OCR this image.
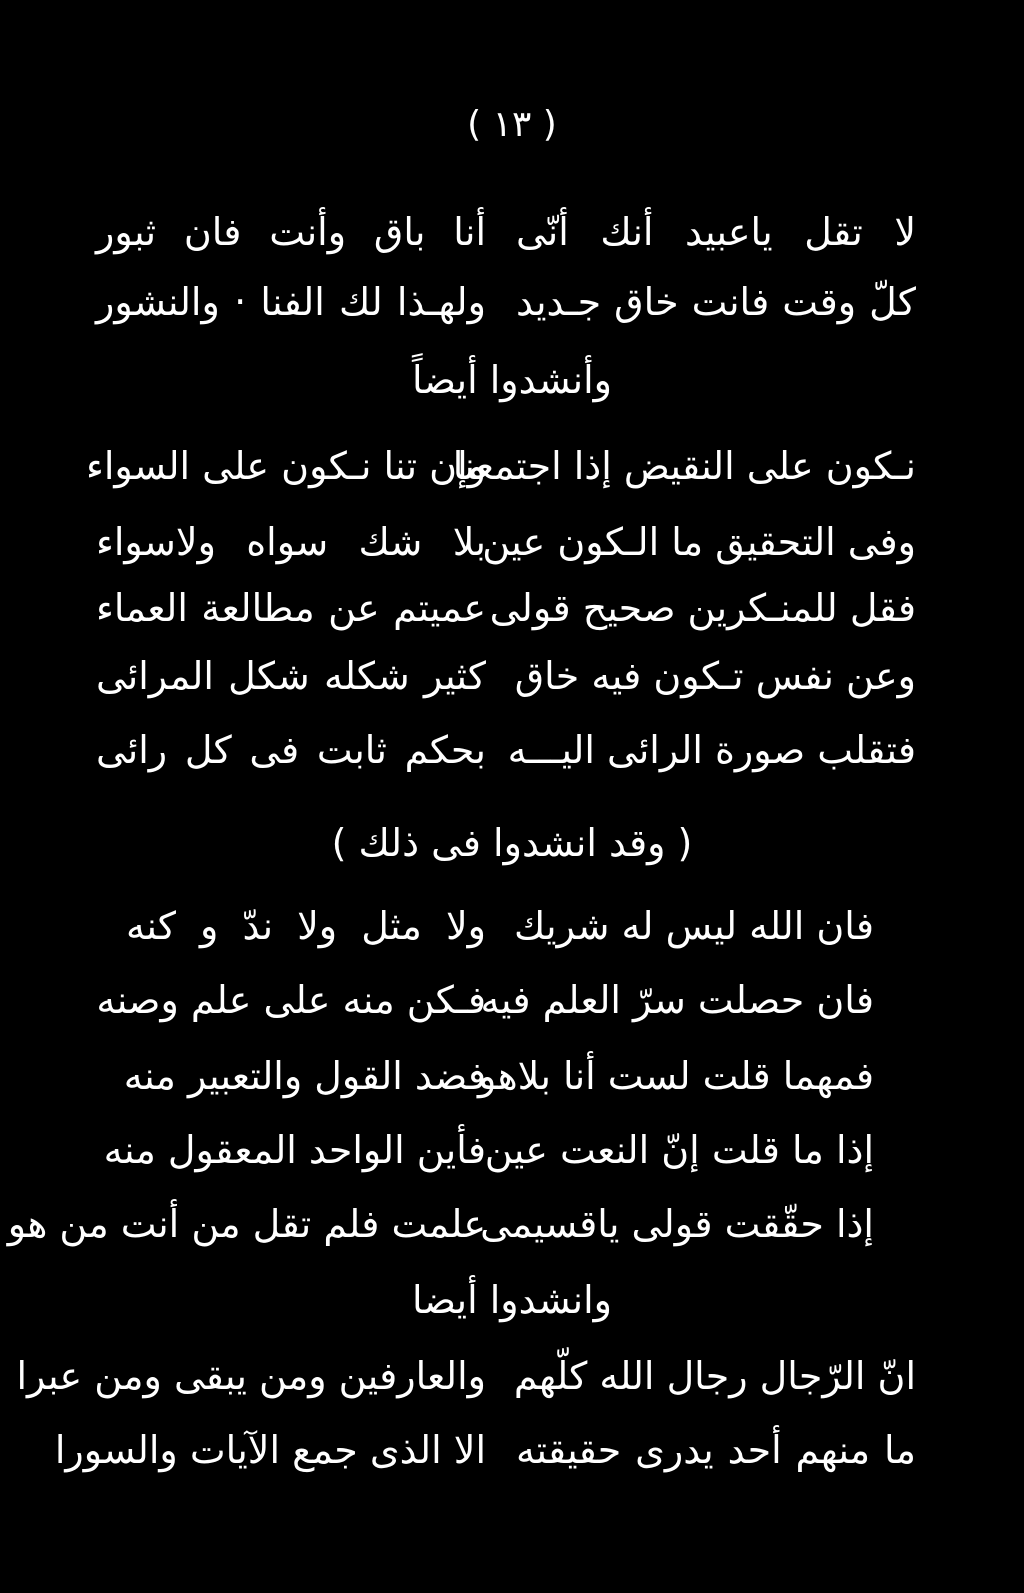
( ١٣ )
لا تقل ياعبيد أنك أنّى
أنا باق وأنت فان ثبور
كلّ وقت فانت خاق جـديد
ولهـذا لك الفنا · والنشور
وأنشدوا أيضاً
نـكون على النقيض إذا اجتمعنا
وإن تنا نـكون على السواء
وفى التحقيق ما الـكون عين
بلا شك سواه ولاسواء
فقل للمنـكرين صحيح قولى
عميتم عن مطالعة العماء
وعن نفس تـكون فيه خاق
كثير شكله شكل المرائى
فتقلب صورة الرائى اليـــه
بحكم ثابت فى كل رائى
( وقد انشدوا فى ذلك )
فان الله ليس له شريك
ولا مثل ولا ندّ و كنه
فان حصلت سرّ العلم فيه
فـكن منه على علم وصنه
فمهما قلت لست أنا بلاهو
فضد القول والتعبير منه
إذا ما قلت إنّ النعت عين
فأين الواحد المعقول منه
إذا حقّقت قولى ياقسيمى
علمت فلم تقل من أنت من هو
وانشدوا أيضا
انّ الرّجال رجال الله كلّهم
والعارفين ومن يبقى ومن عبرا
ما منهم أحد يدرى حقيقته
الا الذى جمع الآيات والسورا
